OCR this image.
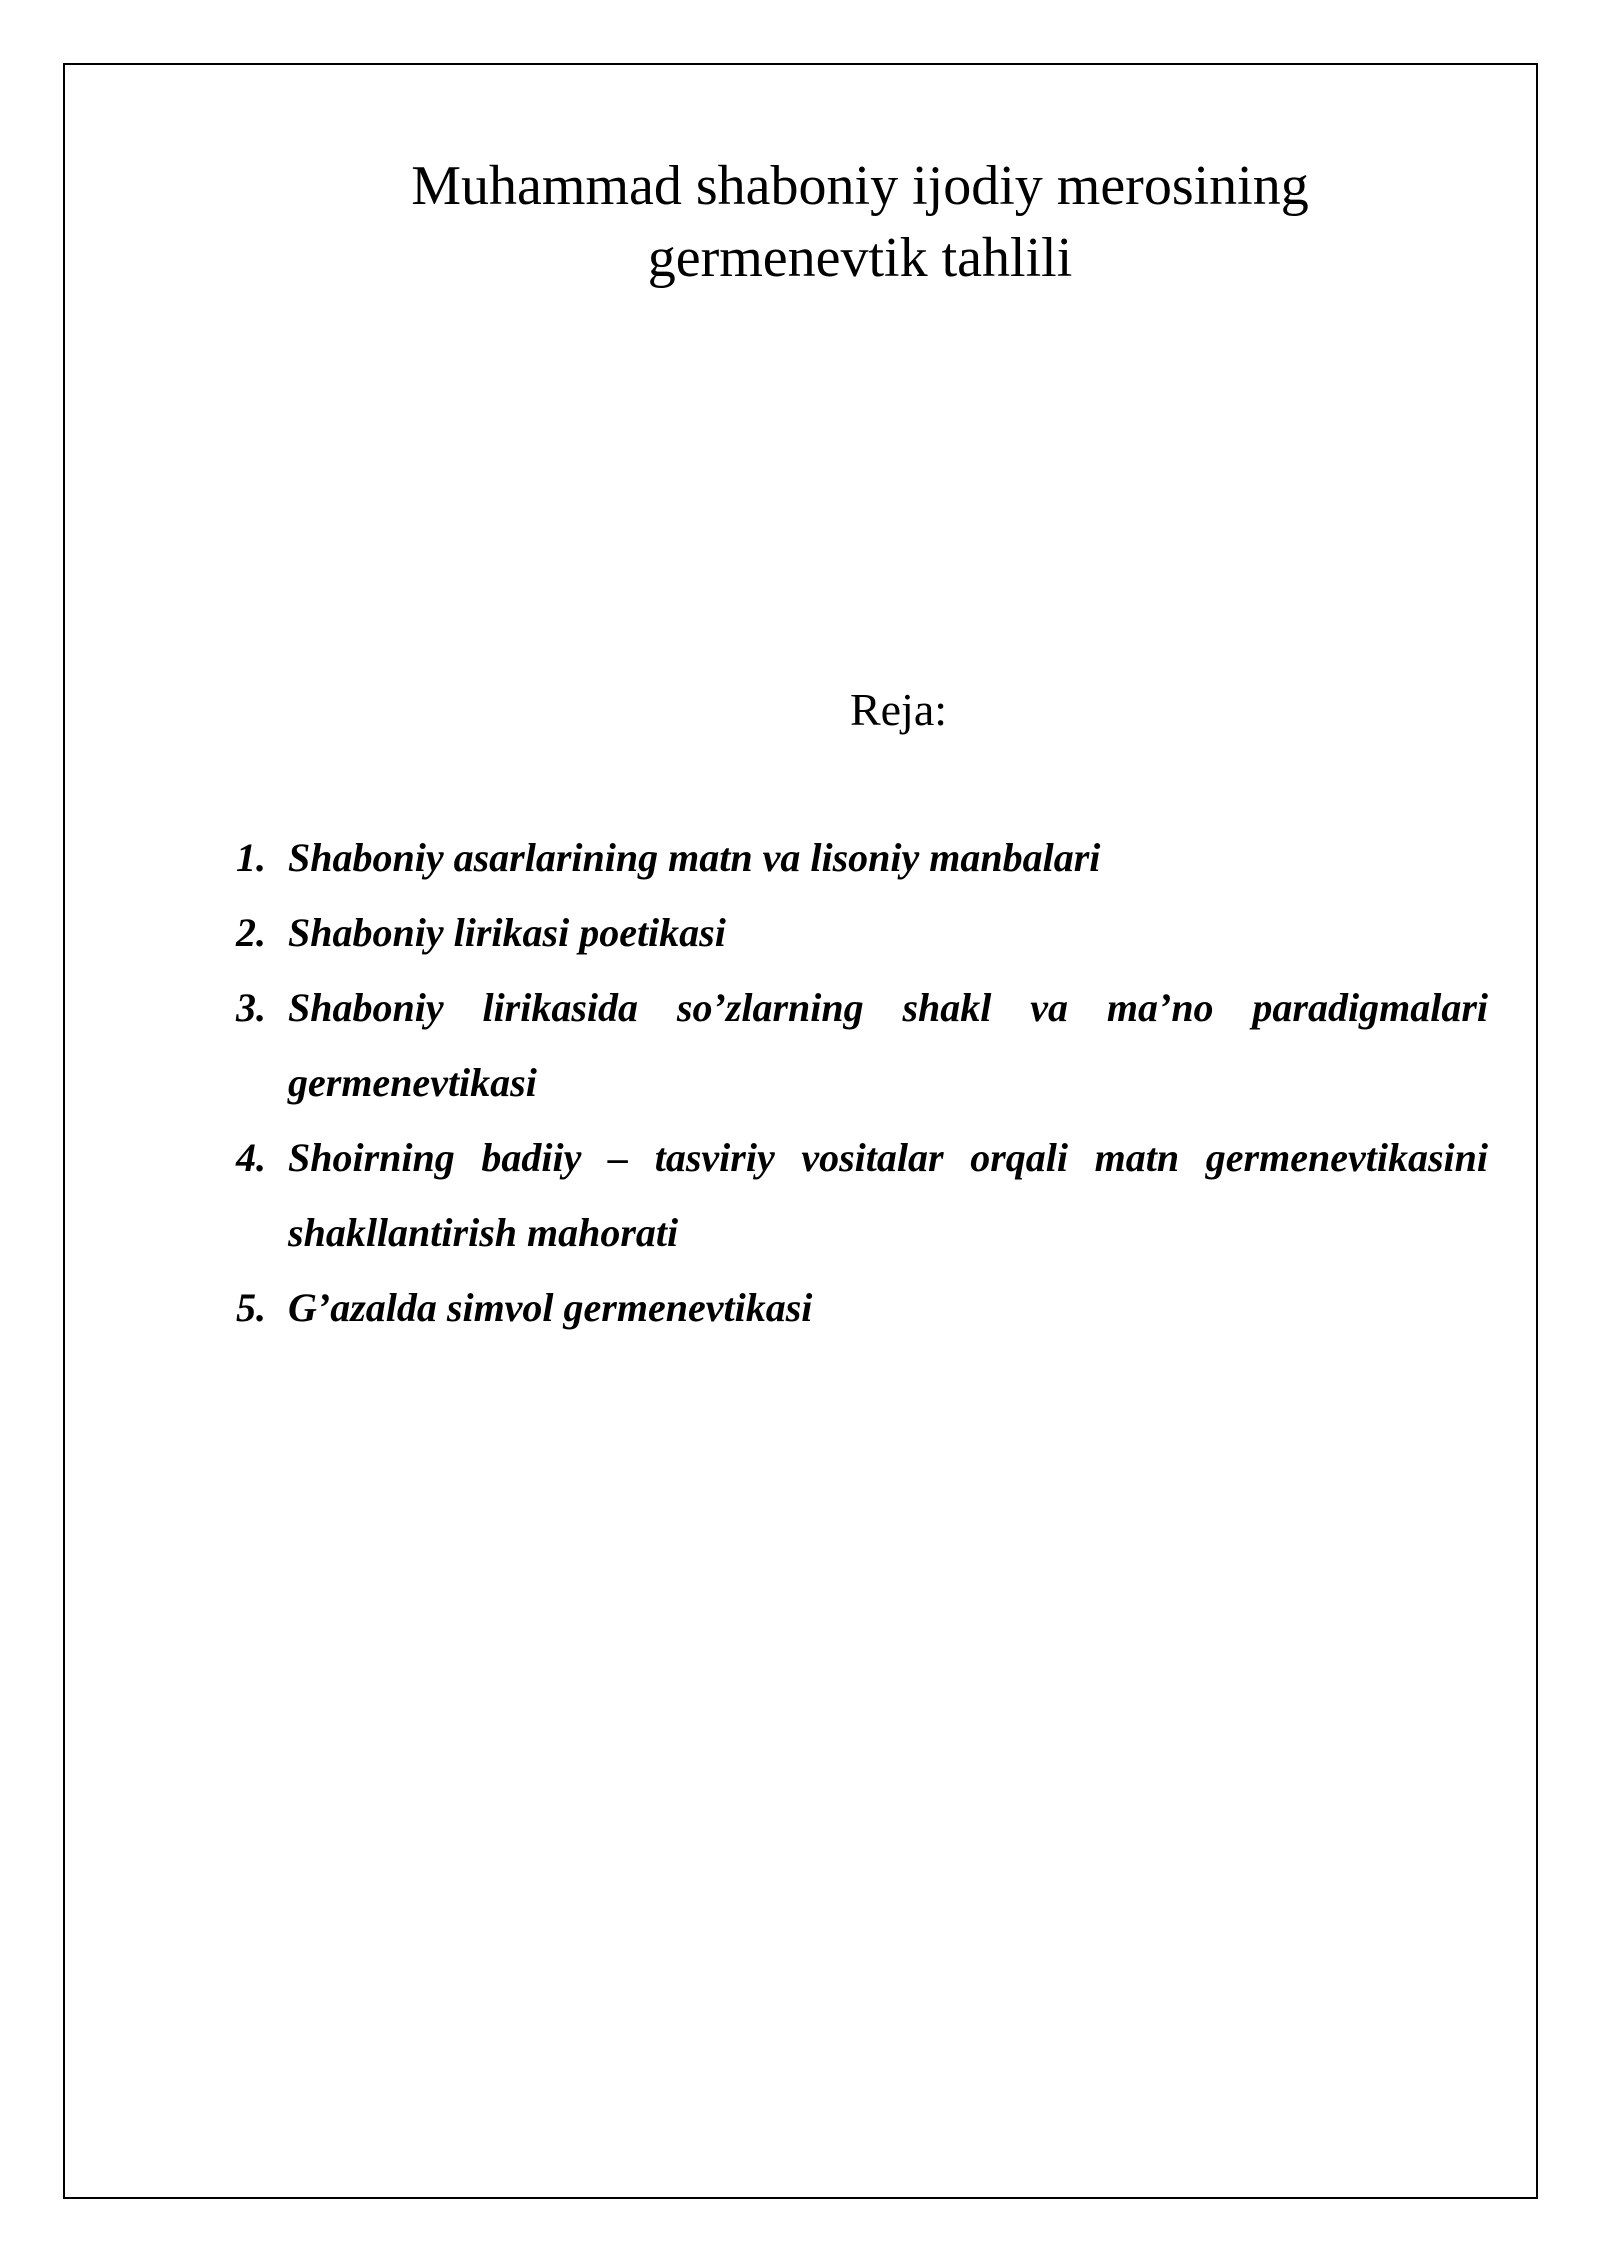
Muhammad shaboniy ijodiy merosining
germenevtik tahlili

Reja:

1. Shaboniy asarlarining matn va lisoniy manbalari
2. Shaboniy lirikasi poetikasi
3. Shaboniy lirikasida so’zlarning shakl va ma’no paradigmalari germenevtikasi
4. Shoirning badiiy – tasviriy vositalar orqali matn germenevtikasini shakllantirish mahorati
5. G’azalda simvol germenevtikasi
